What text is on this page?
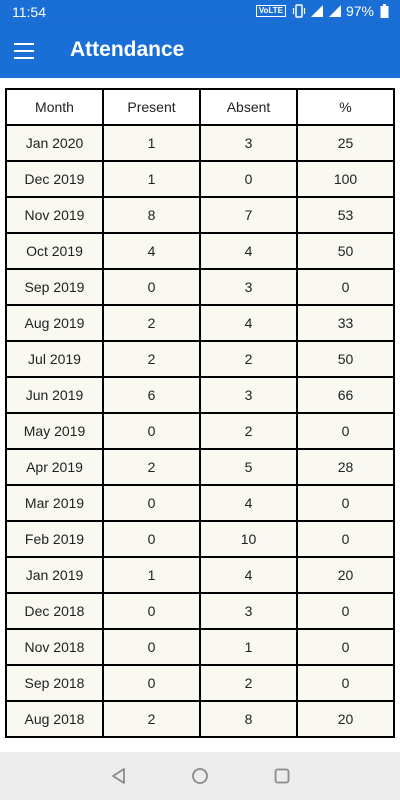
11:54	VoLTE	97%
Attendance
Month	Present	Absent	%
Jan 2020	1	3	25
Dec 2019	1	0	100
Nov 2019	8	7	53
Oct 2019	4	4	50
Sep 2019	0	3	0
Aug 2019	2	4	33
Jul 2019	2	2	50
Jun 2019	6	3	66
May 2019	0	2	0
Apr 2019	2	5	28
Mar 2019	0	4	0
Feb 2019	0	10	0
Jan 2019	1	4	20
Dec 2018	0	3	0
Nov 2018	0	1	0
Sep 2018	0	2	0
Aug 2018	2	8	20
